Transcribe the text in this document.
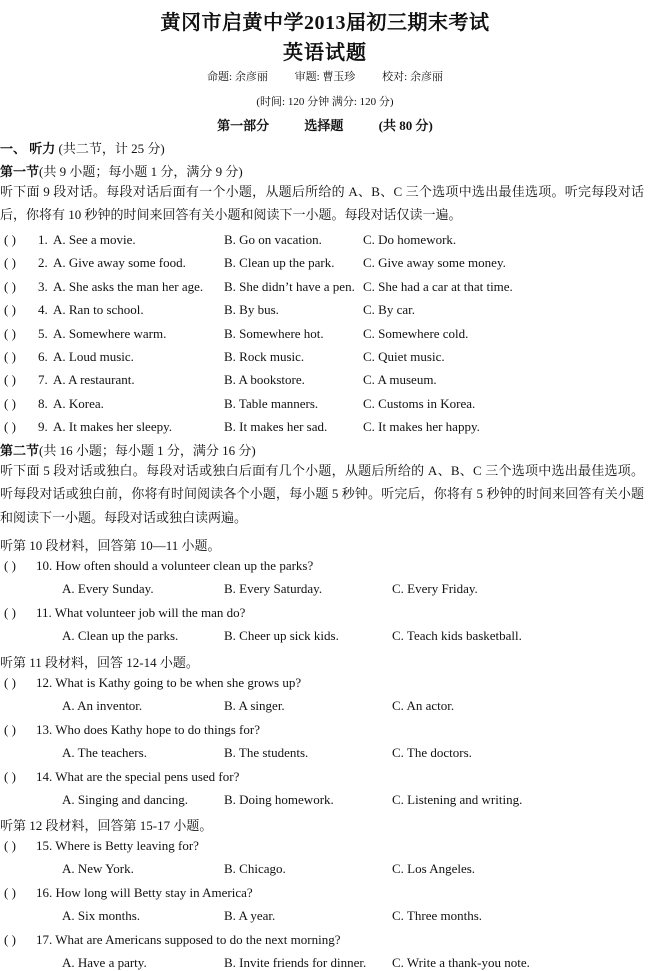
黄冈市启黄中学2013届初三期末考试
英语试题
命题: 余彦丽 审题: 曹玉珍 校对: 余彦丽
(时间: 120 分钟 满分: 120 分)
第一部分	选择题	(共 80 分)
一、 听力 (共二节，计 25 分)
第一节(共 9 小题；每小题 1 分，满分 9 分)
听下面 9 段对话。每段对话后面有一个小题，从题后所给的 A、B、C 三个选项中选出最佳选项。听完每段对话后，你将有 10 秒钟的时间来回答有关小题和阅读下一小题。每段对话仅读一遍。
( ) 1. A. See a movie.	B. Go on vacation.	C. Do homework.
( ) 2. A. Give away some food.	B. Clean up the park. C. Give away some money.
( ) 3. A. She asks the man her age. B. She didn’t have a pen. C. She had a car at that time.
( ) 4. A. Ran to school.	B. By bus.	C. By car.
( ) 5. A. Somewhere warm.	B. Somewhere hot.	C. Somewhere cold.
( ) 6. A. Loud music.	B. Rock music.	C. Quiet music.
( ) 7. A. A restaurant.	B. A bookstore.	C. A museum.
( ) 8. A. Korea.	B. Table manners.	C. Customs in Korea.
( ) 9. A. It makes her sleepy.	B. It makes her sad.	C. It makes her happy.
第二节(共 16 小题；每小题 1 分，满分 16 分)
听下面 5 段对话或独白。每段对话或独白后面有几个小题，从题后所给的 A、B、C 三个选项中选出最佳选项。听每段对话或独白前，你将有时间阅读各个小题，每小题 5 秒钟。听完后，你将有 5 秒钟的时间来回答有关小题和阅读下一小题。每段对话或独白读两遍。
听第 10 段材料，回答第 10—11 小题。
听第 11 段材料，回答 12-14 小题。
听第 12 段材料，回答第 15-17 小题。
( ) 10. How often should a volunteer clean up the parks?
A. Every Sunday.	B. Every Saturday.	C. Every Friday.
( ) 11. What volunteer job will the man do?
A. Clean up the parks.	B. Cheer up sick kids.	C. Teach kids basketball.
( ) 12. What is Kathy going to be when she grows up?
A. An inventor.	B. A singer.	C. An actor.
( ) 13. Who does Kathy hope to do things for?
A. The teachers.	B. The students.	C. The doctors.
( ) 14. What are the special pens used for?
A. Singing and dancing.	B. Doing homework.	C. Listening and writing.
( ) 15. Where is Betty leaving for?
A. New York.	B. Chicago.	C. Los Angeles.
( ) 16. How long will Betty stay in America?
A. Six months.	B. A year.	C. Three months.
( ) 17. What are Americans supposed to do the next morning?
A. Have a party.	B. Invite friends for dinner. C. Write a thank-you note.
